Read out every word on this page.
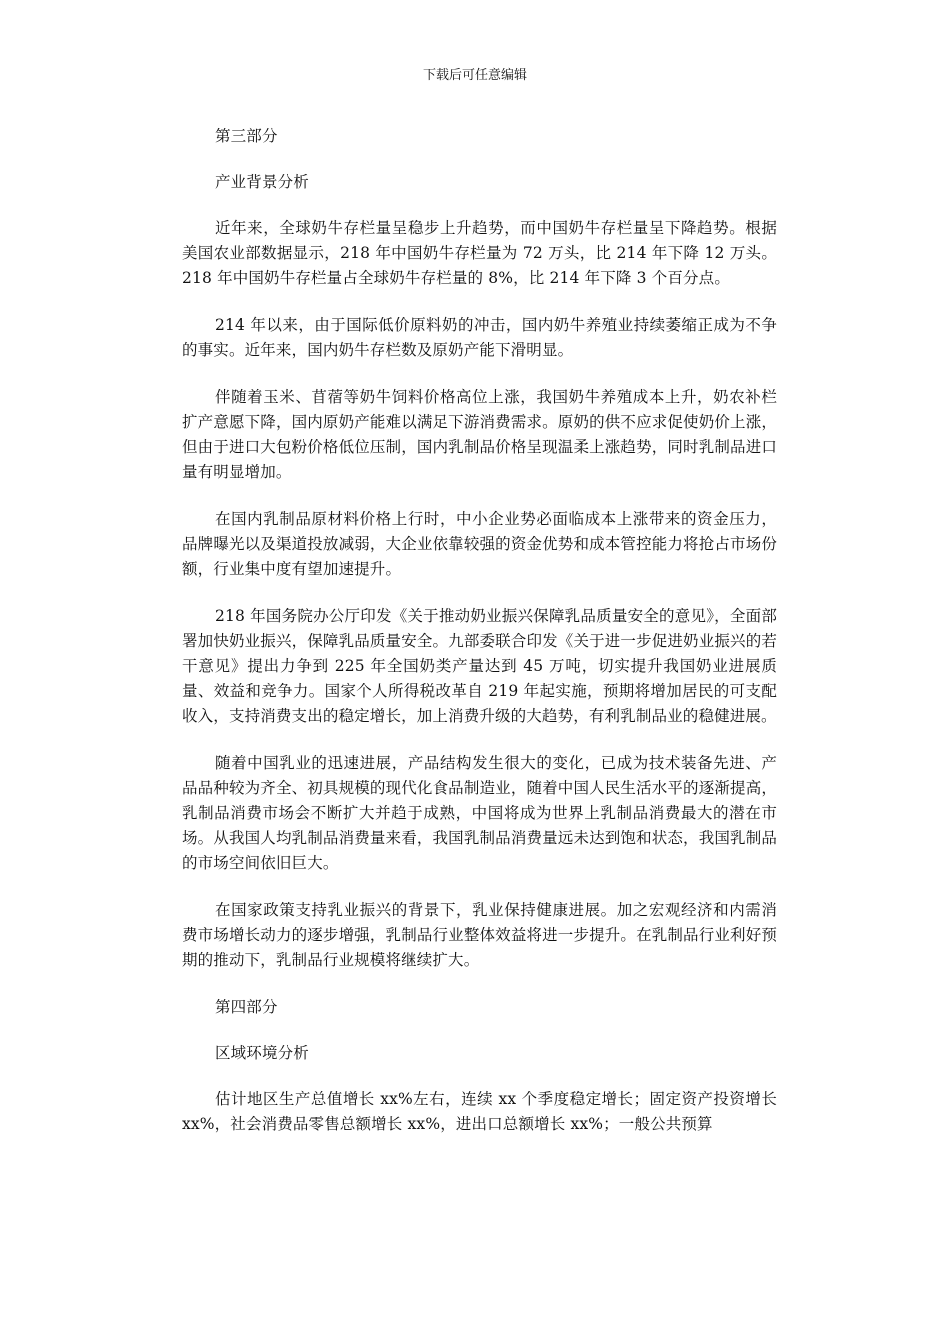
下载后可任意编辑

第三部分

产业背景分析

近年来，全球奶牛存栏量呈稳步上升趋势，而中国奶牛存栏量呈下降趋势。根据美国农业部数据显示，218 年中国奶牛存栏量为 72 万头，比 214 年下降 12 万头。218 年中国奶牛存栏量占全球奶牛存栏量的 8%，比 214 年下降 3 个百分点。

214 年以来，由于国际低价原料奶的冲击，国内奶牛养殖业持续萎缩正成为不争的事实。近年来，国内奶牛存栏数及原奶产能下滑明显。

伴随着玉米、苜蓿等奶牛饲料价格高位上涨，我国奶牛养殖成本上升，奶农补栏扩产意愿下降，国内原奶产能难以满足下游消费需求。原奶的供不应求促使奶价上涨，但由于进口大包粉价格低位压制，国内乳制品价格呈现温柔上涨趋势，同时乳制品进口量有明显增加。

在国内乳制品原材料价格上行时，中小企业势必面临成本上涨带来的资金压力，品牌曝光以及渠道投放减弱，大企业依靠较强的资金优势和成本管控能力将抢占市场份额，行业集中度有望加速提升。

218 年国务院办公厅印发《关于推动奶业振兴保障乳品质量安全的意见》，全面部署加快奶业振兴，保障乳品质量安全。九部委联合印发《关于进一步促进奶业振兴的若干意见》提出力争到 225 年全国奶类产量达到 45 万吨，切实提升我国奶业进展质量、效益和竞争力。国家个人所得税改革自 219 年起实施，预期将增加居民的可支配收入，支持消费支出的稳定增长，加上消费升级的大趋势，有利乳制品业的稳健进展。

随着中国乳业的迅速进展，产品结构发生很大的变化，已成为技术装备先进、产品品种较为齐全、初具规模的现代化食品制造业，随着中国人民生活水平的逐渐提高，乳制品消费市场会不断扩大并趋于成熟，中国将成为世界上乳制品消费最大的潜在市场。从我国人均乳制品消费量来看，我国乳制品消费量远未达到饱和状态，我国乳制品的市场空间依旧巨大。

在国家政策支持乳业振兴的背景下，乳业保持健康进展。加之宏观经济和内需消费市场增长动力的逐步增强，乳制品行业整体效益将进一步提升。在乳制品行业利好预期的推动下，乳制品行业规模将继续扩大。

第四部分

区域环境分析

估计地区生产总值增长 xx%左右，连续 xx 个季度稳定增长；固定资产投资增长 xx%，社会消费品零售总额增长 xx%，进出口总额增长 xx%；一般公共预算
